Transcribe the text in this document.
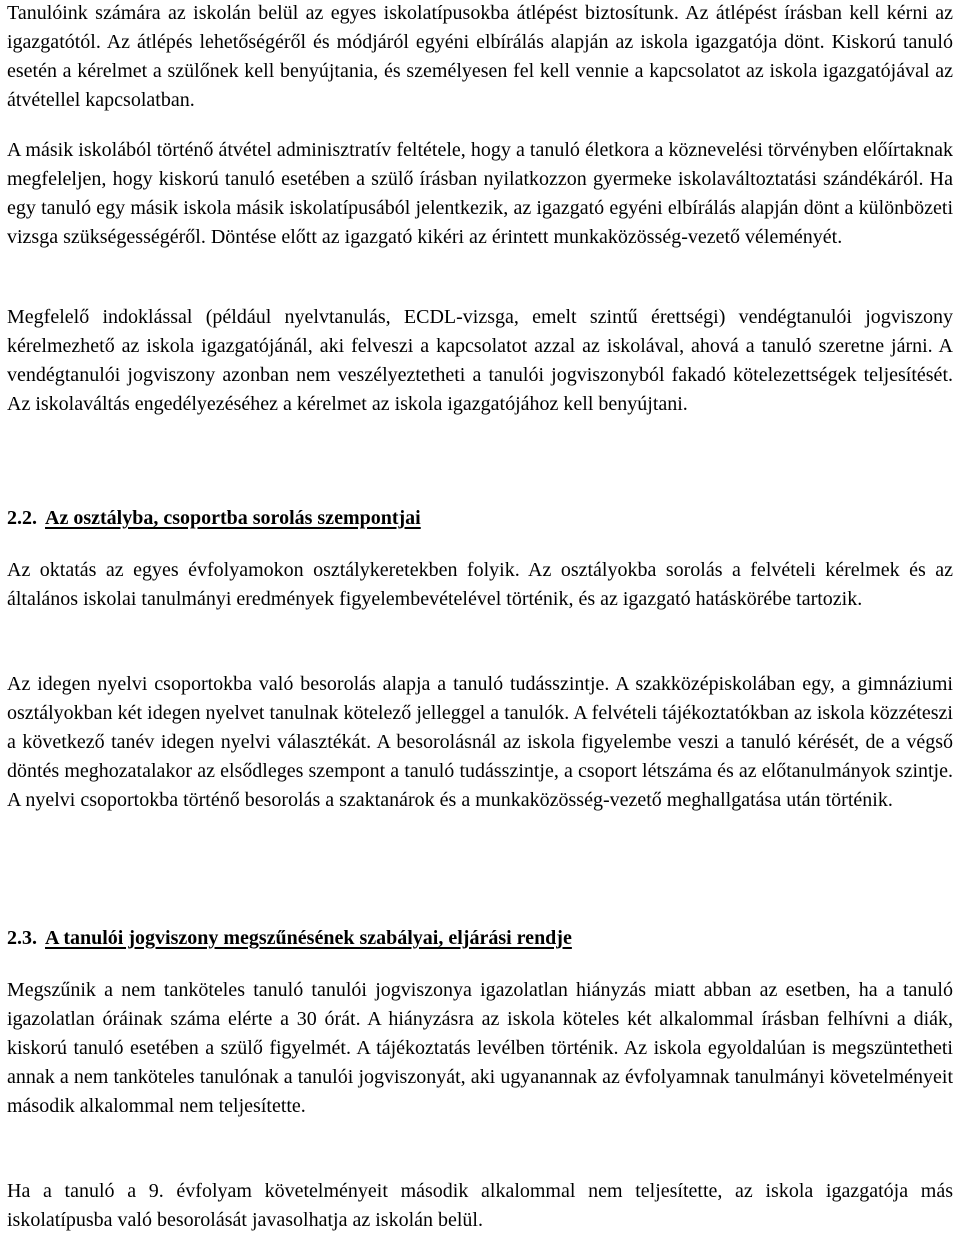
Tanulóink számára az iskolán belül az egyes iskolatípusokba átlépést biztosítunk. Az átlépést írásban kell kérni az igazgatótól. Az átlépés lehetőségéről és módjáról egyéni elbírálás alapján az iskola igazgatója dönt. Kiskorú tanuló esetén a kérelmet a szülőnek kell benyújtania, és személyesen fel kell vennie a kapcsolatot az iskola igazgatójával az átvétellel kapcsolatban.

A másik iskolából történő átvétel adminisztratív feltétele, hogy a tanuló életkora a köznevelési törvényben előírtaknak megfeleljen, hogy kiskorú tanuló esetében a szülő írásban nyilatkozzon gyermeke iskolaváltoztatási szándékáról. Ha egy tanuló egy másik iskola másik iskolatípusából jelentkezik, az igazgató egyéni elbírálás alapján dönt a különbözeti vizsga szükségességéről. Döntése előtt az igazgató kikéri az érintett munkaközösség-vezető véleményét.

Megfelelő indoklással (például nyelvtanulás, ECDL-vizsga, emelt szintű érettségi) vendégtanulói jogviszony kérelmezhető az iskola igazgatójánál, aki felveszi a kapcsolatot azzal az iskolával, ahová a tanuló szeretne járni. A vendégtanulói jogviszony azonban nem veszélyeztetheti a tanulói jogviszonyból fakadó kötelezettségek teljesítését. Az iskolaváltás engedélyezéséhez a kérelmet az iskola igazgatójához kell benyújtani.

2.2. Az osztályba, csoportba sorolás szempontjai

Az oktatás az egyes évfolyamokon osztálykeretekben folyik. Az osztályokba sorolás a felvételi kérelmek és az általános iskolai tanulmányi eredmények figyelembevételével történik, és az igazgató hatáskörébe tartozik.

Az idegen nyelvi csoportokba való besorolás alapja a tanuló tudásszintje. A szakközépiskolában egy, a gimnáziumi osztályokban két idegen nyelvet tanulnak kötelező jelleggel a tanulók. A felvételi tájékoztatókban az iskola közzéteszi a következő tanév idegen nyelvi választékát. A besorolásnál az iskola figyelembe veszi a tanuló kérését, de a végső döntés meghozatalakor az elsődleges szempont a tanuló tudásszintje, a csoport létszáma és az előtanulmányok szintje. A nyelvi csoportokba történő besorolás a szaktanárok és a munkaközösség-vezető meghallgatása után történik.

2.3. A tanulói jogviszony megszűnésének szabályai, eljárási rendje

Megszűnik a nem tanköteles tanuló tanulói jogviszonya igazolatlan hiányzás miatt abban az esetben, ha a tanuló igazolatlan óráinak száma elérte a 30 órát. A hiányzásra az iskola köteles két alkalommal írásban felhívni a diák, kiskorú tanuló esetében a szülő figyelmét. A tájékoztatás levélben történik. Az iskola egyoldalúan is megszüntetheti annak a nem tanköteles tanulónak a tanulói jogviszonyát, aki ugyanannak az évfolyamnak tanulmányi követelményeit második alkalommal nem teljesítette.

Ha a tanuló a 9. évfolyam követelményeit második alkalommal nem teljesítette, az iskola igazgatója más iskolatípusba való besorolását javasolhatja az iskolán belül.
